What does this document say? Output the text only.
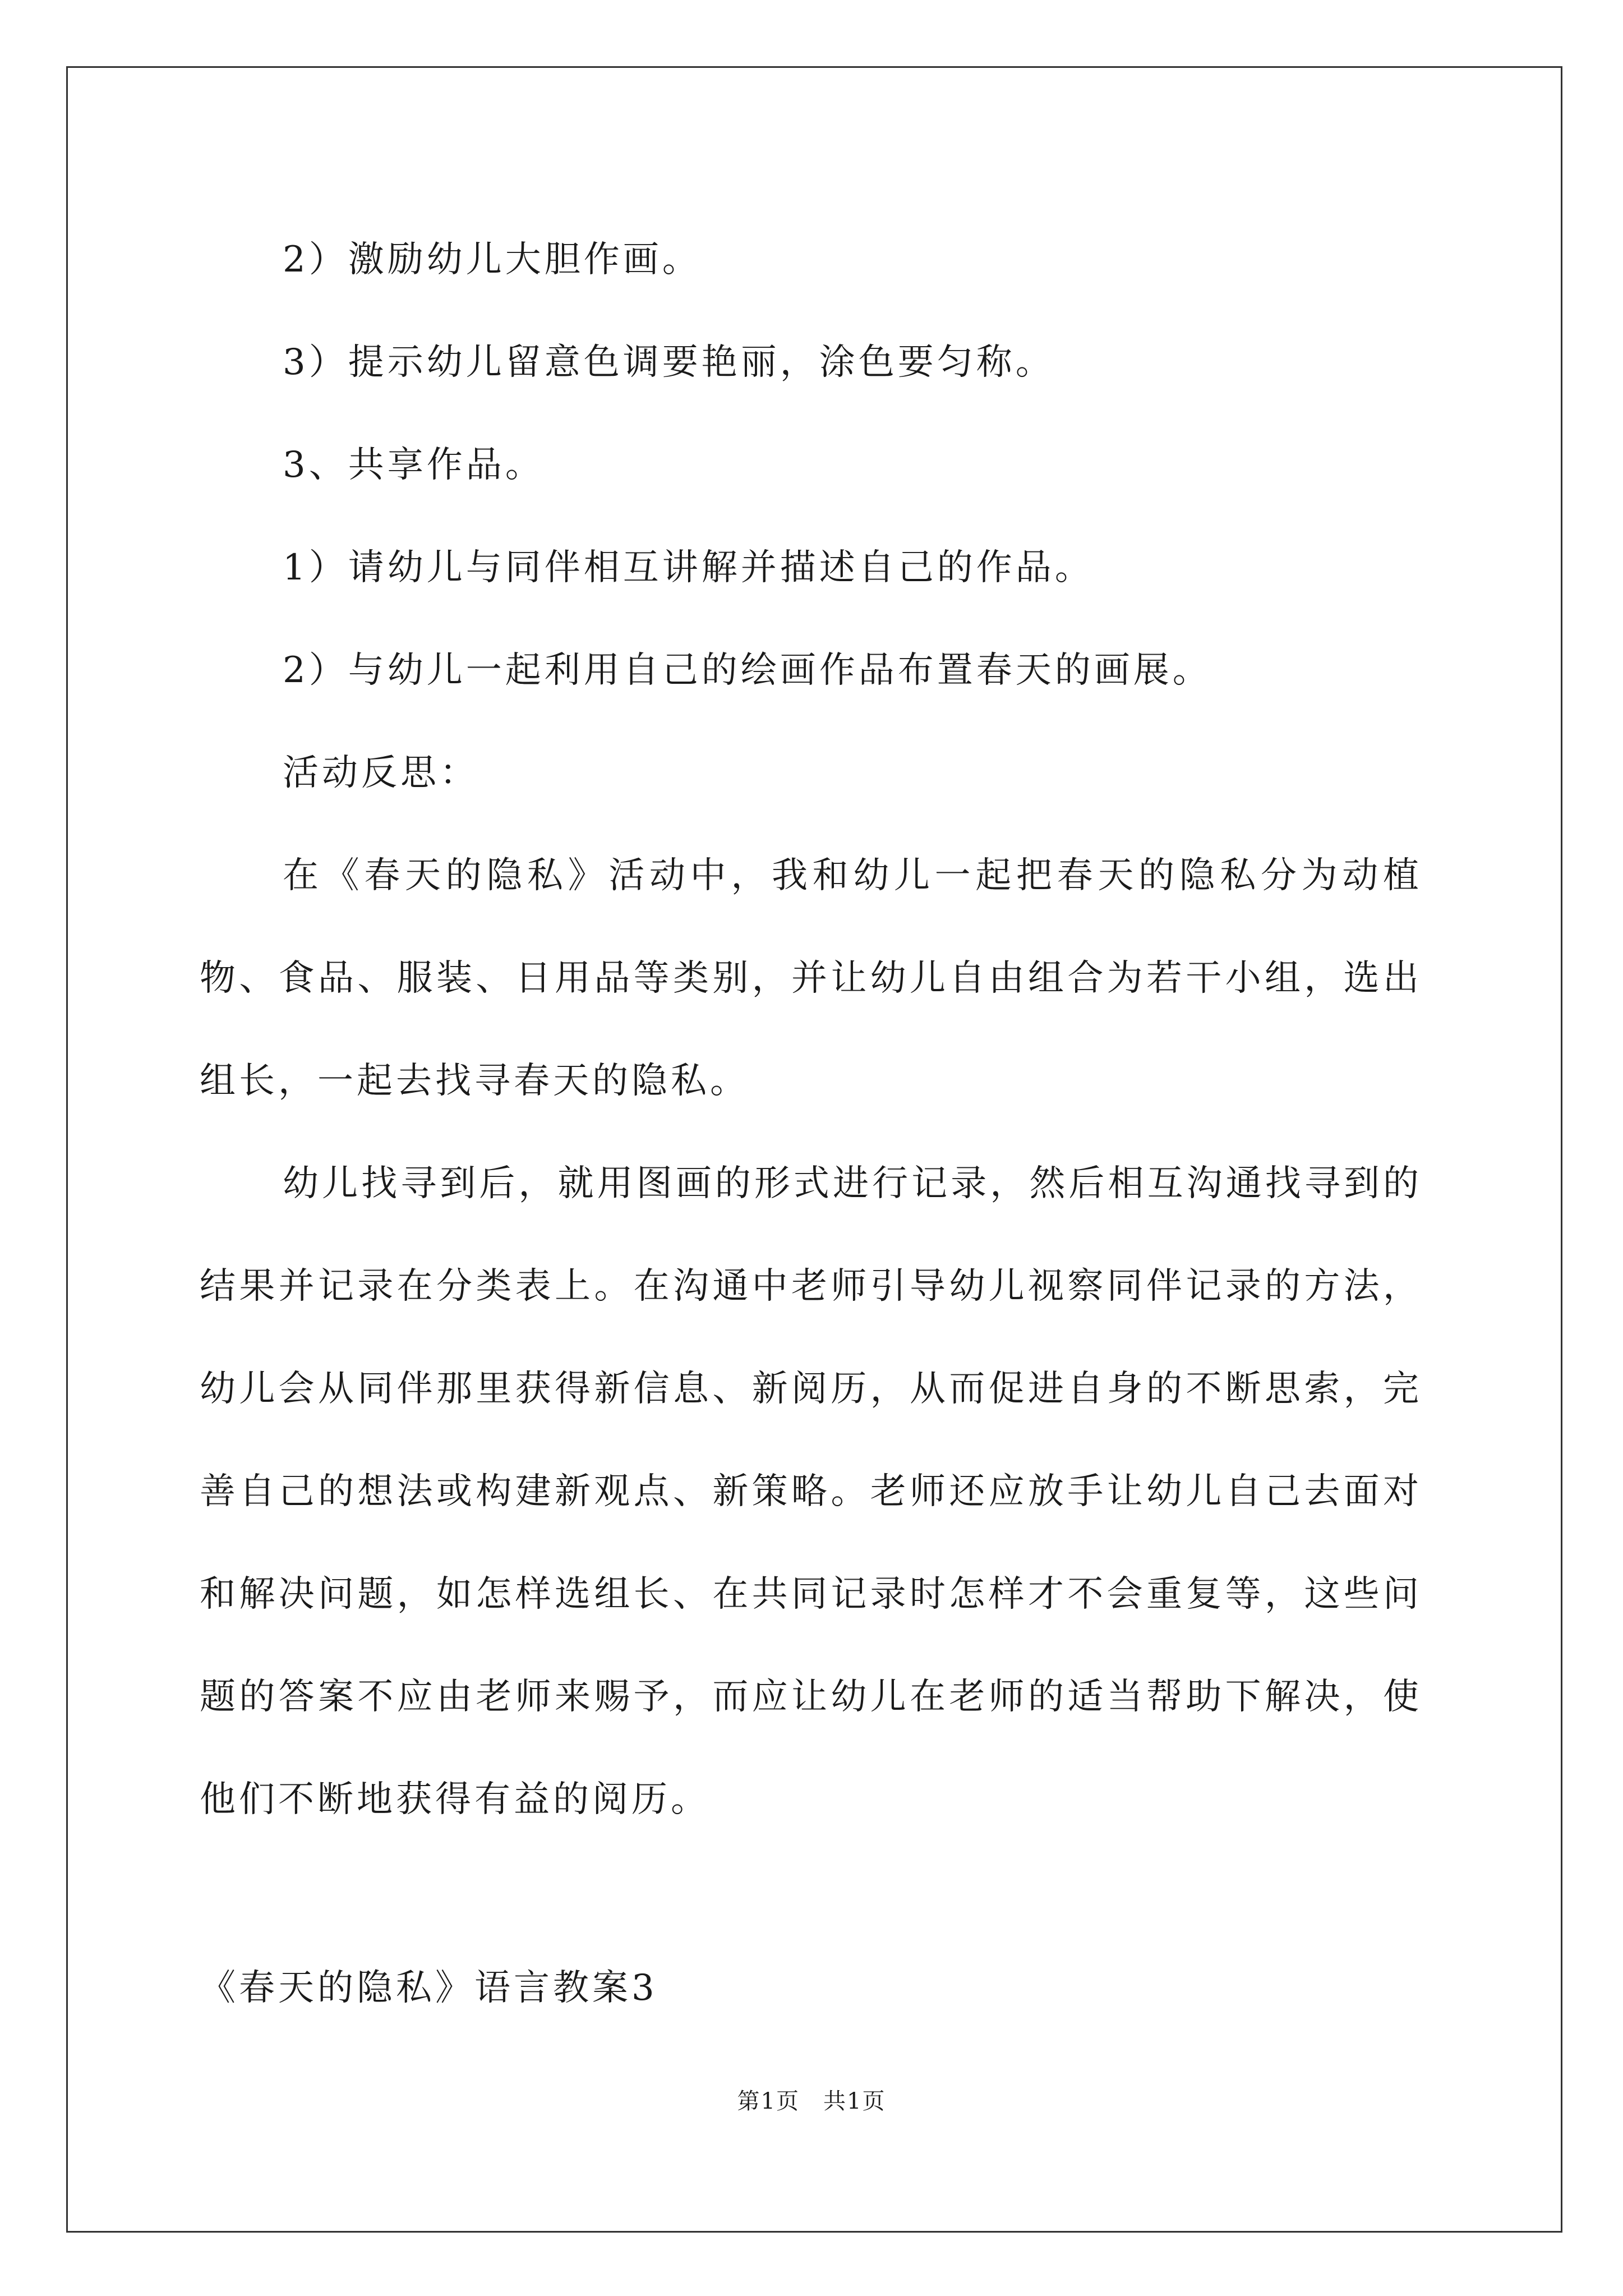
2）激励幼儿大胆作画。

3）提示幼儿留意色调要艳丽，涂色要匀称。

3、共享作品。

1）请幼儿与同伴相互讲解并描述自己的作品。

2）与幼儿一起利用自己的绘画作品布置春天的画展。

活动反思：

在《春天的隐私》活动中，我和幼儿一起把春天的隐私分为动植物、食品、服装、日用品等类别，并让幼儿自由组合为若干小组，选出组长，一起去找寻春天的隐私。

幼儿找寻到后，就用图画的形式进行记录，然后相互沟通找寻到的结果并记录在分类表上。在沟通中老师引导幼儿视察同伴记录的方法，幼儿会从同伴那里获得新信息、新阅历，从而促进自身的不断思索，完善自己的想法或构建新观点、新策略。老师还应放手让幼儿自己去面对和解决问题，如怎样选组长、在共同记录时怎样才不会重复等，这些问题的答案不应由老师来赐予，而应让幼儿在老师的适当帮助下解决，使他们不断地获得有益的阅历。

《春天的隐私》语言教案3

第1页　共1页
